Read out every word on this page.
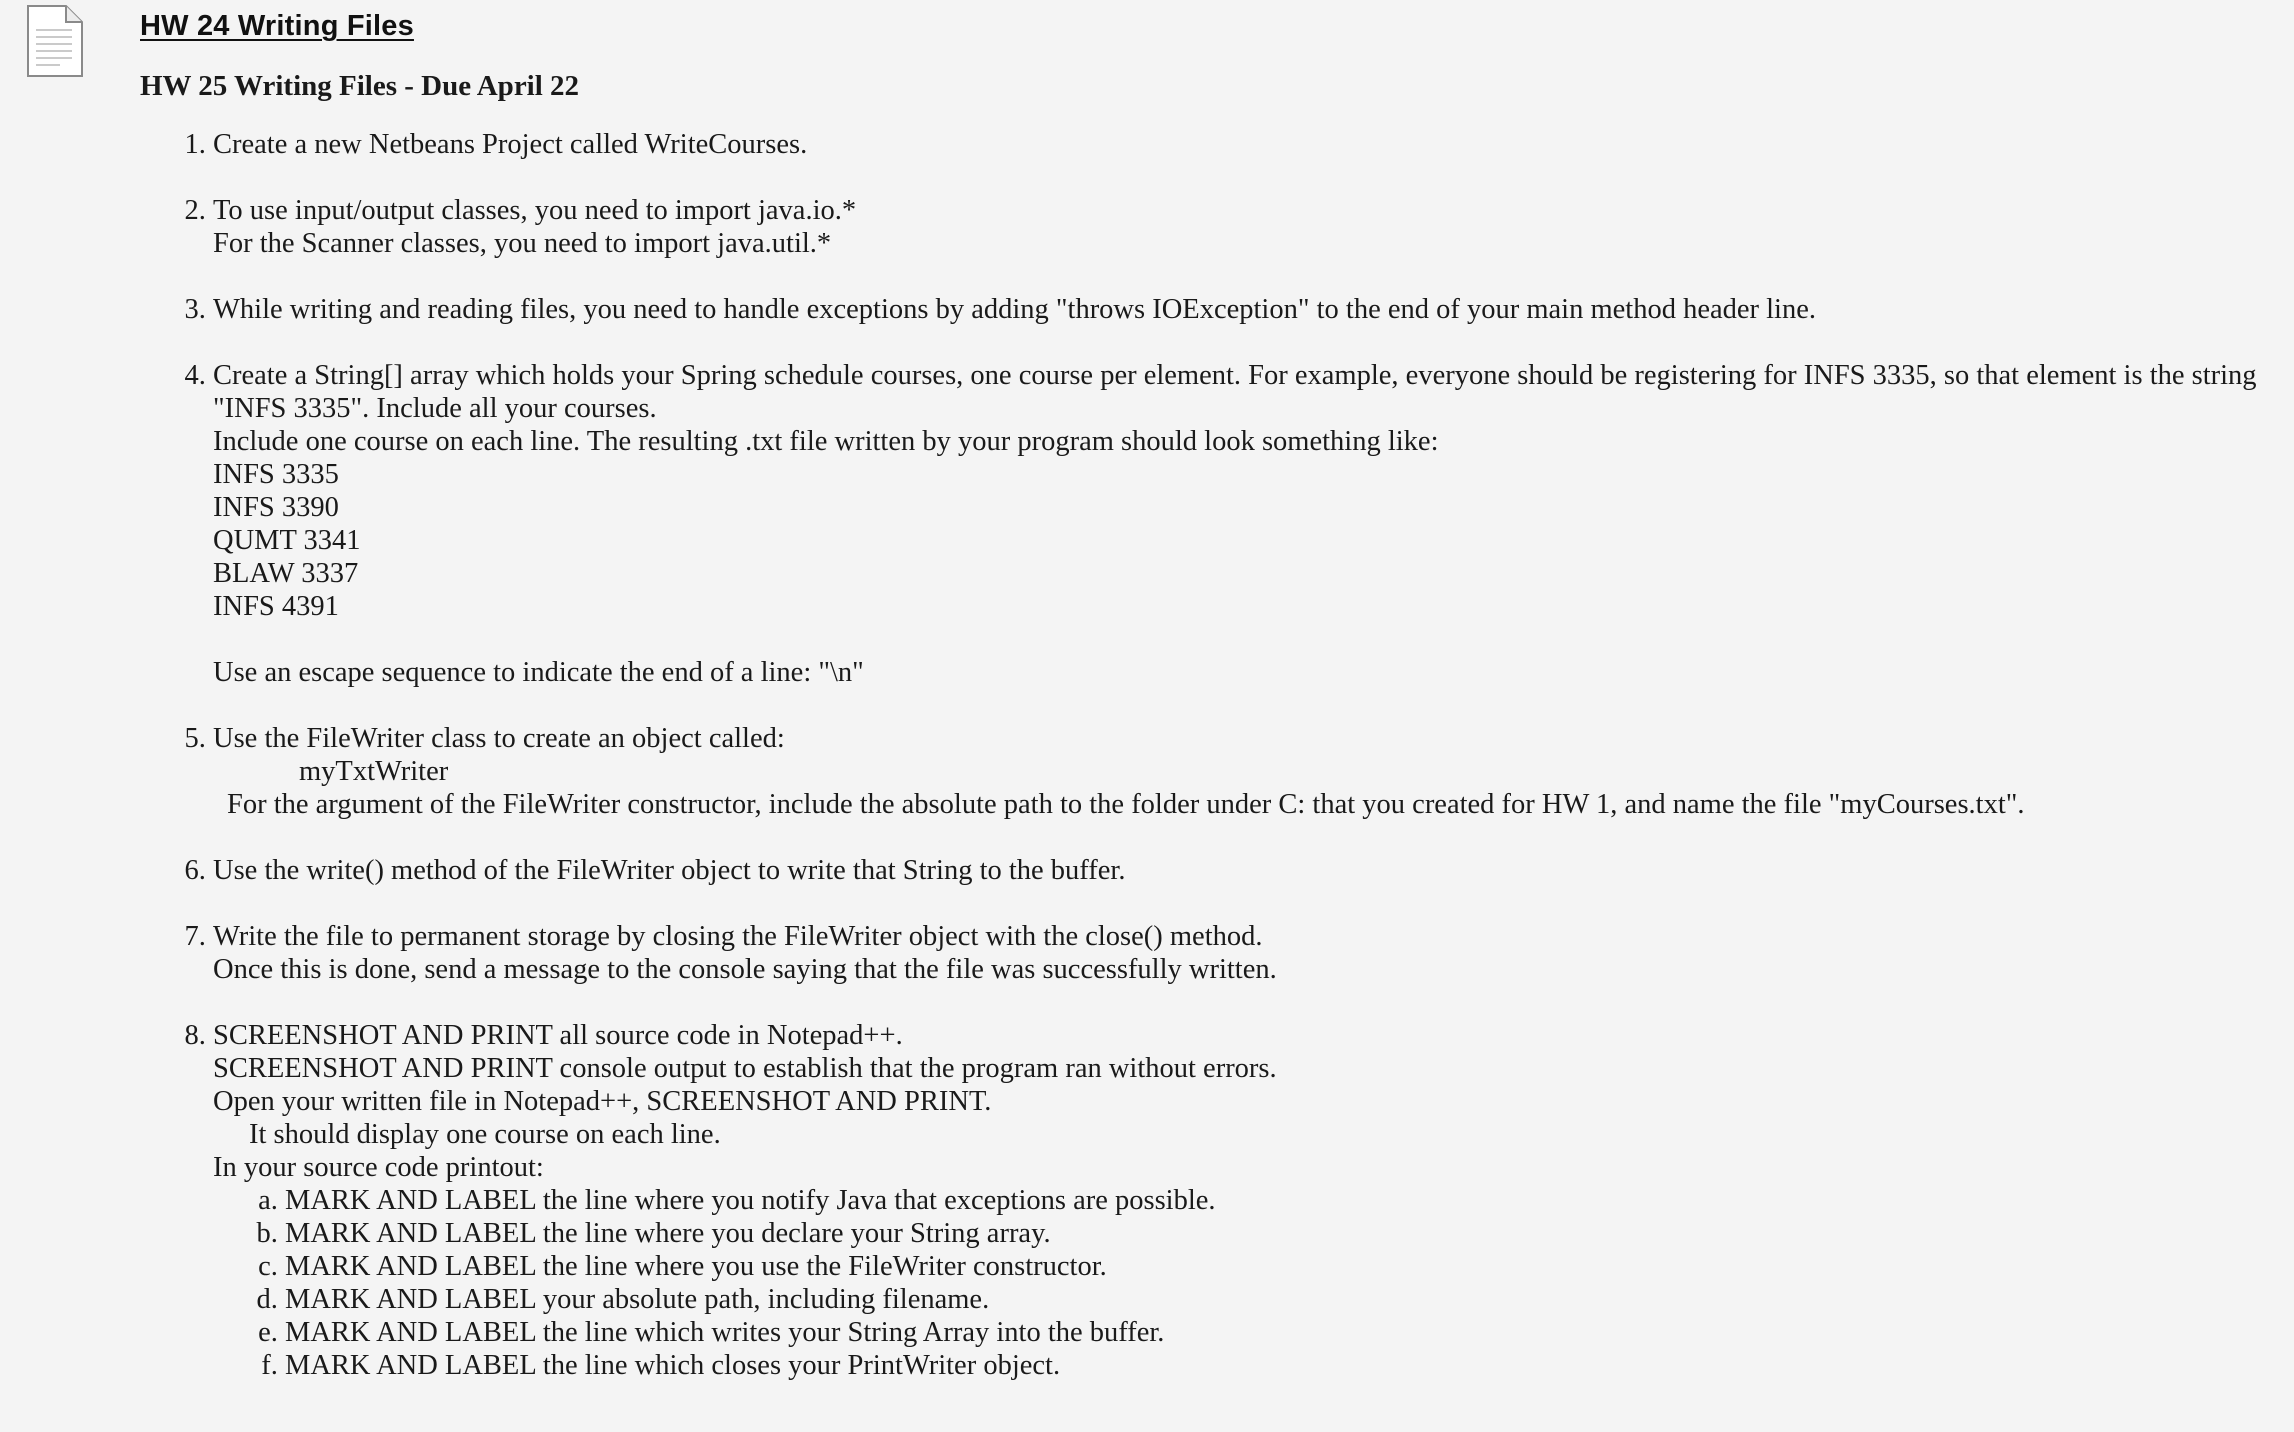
HW 24 Writing Files
HW 25 Writing Files - Due April 22
1. Create a new Netbeans Project called WriteCourses.
2. To use input/output classes, you need to import java.io.*
For the Scanner classes, you need to import java.util.*
3. While writing and reading files, you need to handle exceptions by adding "throws IOException" to the end of your main method header line.
4. Create a String[] array which holds your Spring schedule courses, one course per element. For example, everyone should be registering for INFS 3335, so that element is the string "INFS 3335". Include all your courses.
Include one course on each line. The resulting .txt file written by your program should look something like:
INFS 3335
INFS 3390
QUMT 3341
BLAW 3337
INFS 4391
Use an escape sequence to indicate the end of a line: "\n"
5. Use the FileWriter class to create an object called:
myTxtWriter
For the argument of the FileWriter constructor, include the absolute path to the folder under C: that you created for HW 1, and name the file "myCourses.txt".
6. Use the write() method of the FileWriter object to write that String to the buffer.
7. Write the file to permanent storage by closing the FileWriter object with the close() method.
Once this is done, send a message to the console saying that the file was successfully written.
8. SCREENSHOT AND PRINT all source code in Notepad++.
SCREENSHOT AND PRINT console output to establish that the program ran without errors.
Open your written file in Notepad++, SCREENSHOT AND PRINT.
It should display one course on each line.
In your source code printout:
a. MARK AND LABEL the line where you notify Java that exceptions are possible.
b. MARK AND LABEL the line where you declare your String array.
c. MARK AND LABEL the line where you use the FileWriter constructor.
d. MARK AND LABEL your absolute path, including filename.
e. MARK AND LABEL the line which writes your String Array into the buffer.
f. MARK AND LABEL the line which closes your PrintWriter object.
